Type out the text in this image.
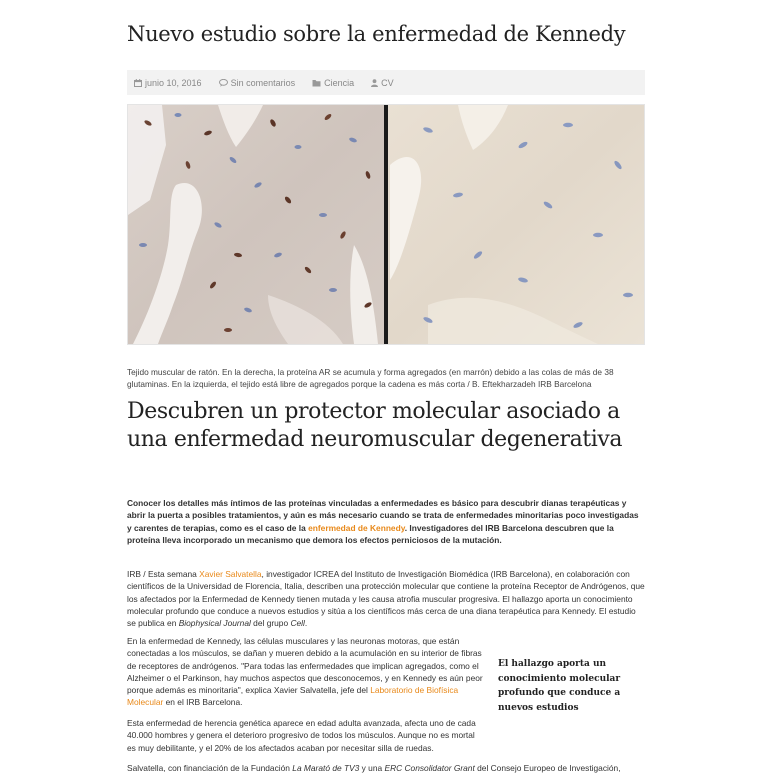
Nuevo estudio sobre la enfermedad de Kennedy
junio 10, 2016	Sin comentarios	Ciencia	CV

Tejido muscular de ratón. En la derecha, la proteína AR se acumula y forma agregados (en marrón) debido a las colas de más de 38 glutaminas. En la izquierda, el tejido está libre de agregados porque la cadena es más corta / B. Eftekharzadeh IRB Barcelona

Descubren un protector molecular asociado a una enfermedad neuromuscular degenerativa

Conocer los detalles más íntimos de las proteínas vinculadas a enfermedades es básico para descubrir dianas terapéuticas y abrir la puerta a posibles tratamientos, y aún es más necesario cuando se trata de enfermedades minoritarias poco investigadas y carentes de terapias, como es el caso de la enfermedad de Kennedy. Investigadores del IRB Barcelona descubren que la proteína lleva incorporado un mecanismo que demora los efectos perniciosos de la mutación.

IRB / Esta semana Xavier Salvatella, investigador ICREA del Instituto de Investigación Biomédica (IRB Barcelona), en colaboración con científicos de la Universidad de Florencia, Italia, describen una protección molecular que contiene la proteína Receptor de Andrógenos, que los afectados por la Enfermedad de Kennedy tienen mutada y les causa atrofia muscular progresiva. El hallazgo aporta un conocimiento molecular profundo que conduce a nuevos estudios y sitúa a los científicos más cerca de una diana terapéutica para Kennedy. El estudio se publica en Biophysical Journal del grupo Cell.

En la enfermedad de Kennedy, las células musculares y las neuronas motoras, que están conectadas a los músculos, se dañan y mueren debido a la acumulación en su interior de fibras de receptores de andrógenos. "Para todas las enfermedades que implican agregados, como el Alzheimer o el Parkinson, hay muchos aspectos que desconocemos, y en Kennedy es aún peor porque además es minoritaria", explica Xavier Salvatella, jefe del Laboratorio de Biofísica Molecular en el IRB Barcelona.

El hallazgo aporta un conocimiento molecular profundo que conduce a nuevos estudios

Esta enfermedad de herencia genética aparece en edad adulta avanzada, afecta uno de cada 40.000 hombres y genera el deterioro progresivo de todos los músculos. Aunque no es mortal es muy debilitante, y el 20% de los afectados acaban por necesitar silla de ruedas.

Salvatella, con financiación de la Fundación La Marató de TV3 y una ERC Consolidator Grant del Consejo Europeo de Investigación,
